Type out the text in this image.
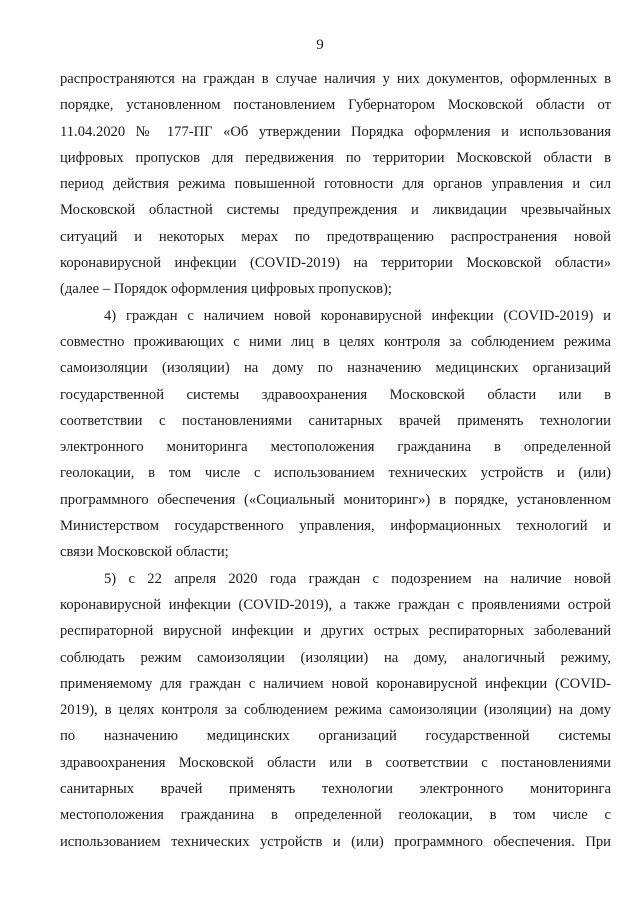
9
распространяются на граждан в случае наличия у них документов, оформленных в
порядке, установленном постановлением Губернатором Московской области от
11.04.2020 № 177-ПГ «Об утверждении Порядка оформления и использования
цифровых пропусков для передвижения по территории Московской области в
период действия режима повышенной готовности для органов управления и сил
Московской областной системы предупреждения и ликвидации чрезвычайных
ситуаций и некоторых мерах по предотвращению распространения новой
коронавирусной инфекции (COVID-2019) на территории Московской области»
(далее – Порядок оформления цифровых пропусков);
4) граждан с наличием новой коронавирусной инфекции (COVID-2019) и
совместно проживающих с ними лиц в целях контроля за соблюдением режима
самоизоляции (изоляции) на дому по назначению медицинских организаций
государственной системы здравоохранения Московской области или в
соответствии с постановлениями санитарных врачей применять технологии
электронного мониторинга местоположения гражданина в определенной
геолокации, в том числе с использованием технических устройств и (или)
программного обеспечения («Социальный мониторинг») в порядке, установленном
Министерством государственного управления, информационных технологий и
связи Московской области;
5) с 22 апреля 2020 года граждан с подозрением на наличие новой
коронавирусной инфекции (COVID-2019), а также граждан с проявлениями острой
респираторной вирусной инфекции и других острых респираторных заболеваний
соблюдать режим самоизоляции (изоляции) на дому, аналогичный режиму,
применяемому для граждан с наличием новой коронавирусной инфекции (COVID-
2019), в целях контроля за соблюдением режима самоизоляции (изоляции) на дому
по назначению медицинских организаций государственной системы
здравоохранения Московской области или в соответствии с постановлениями
санитарных врачей применять технологии электронного мониторинга
местоположения гражданина в определенной геолокации, в том числе с
использованием технических устройств и (или) программного обеспечения. При
